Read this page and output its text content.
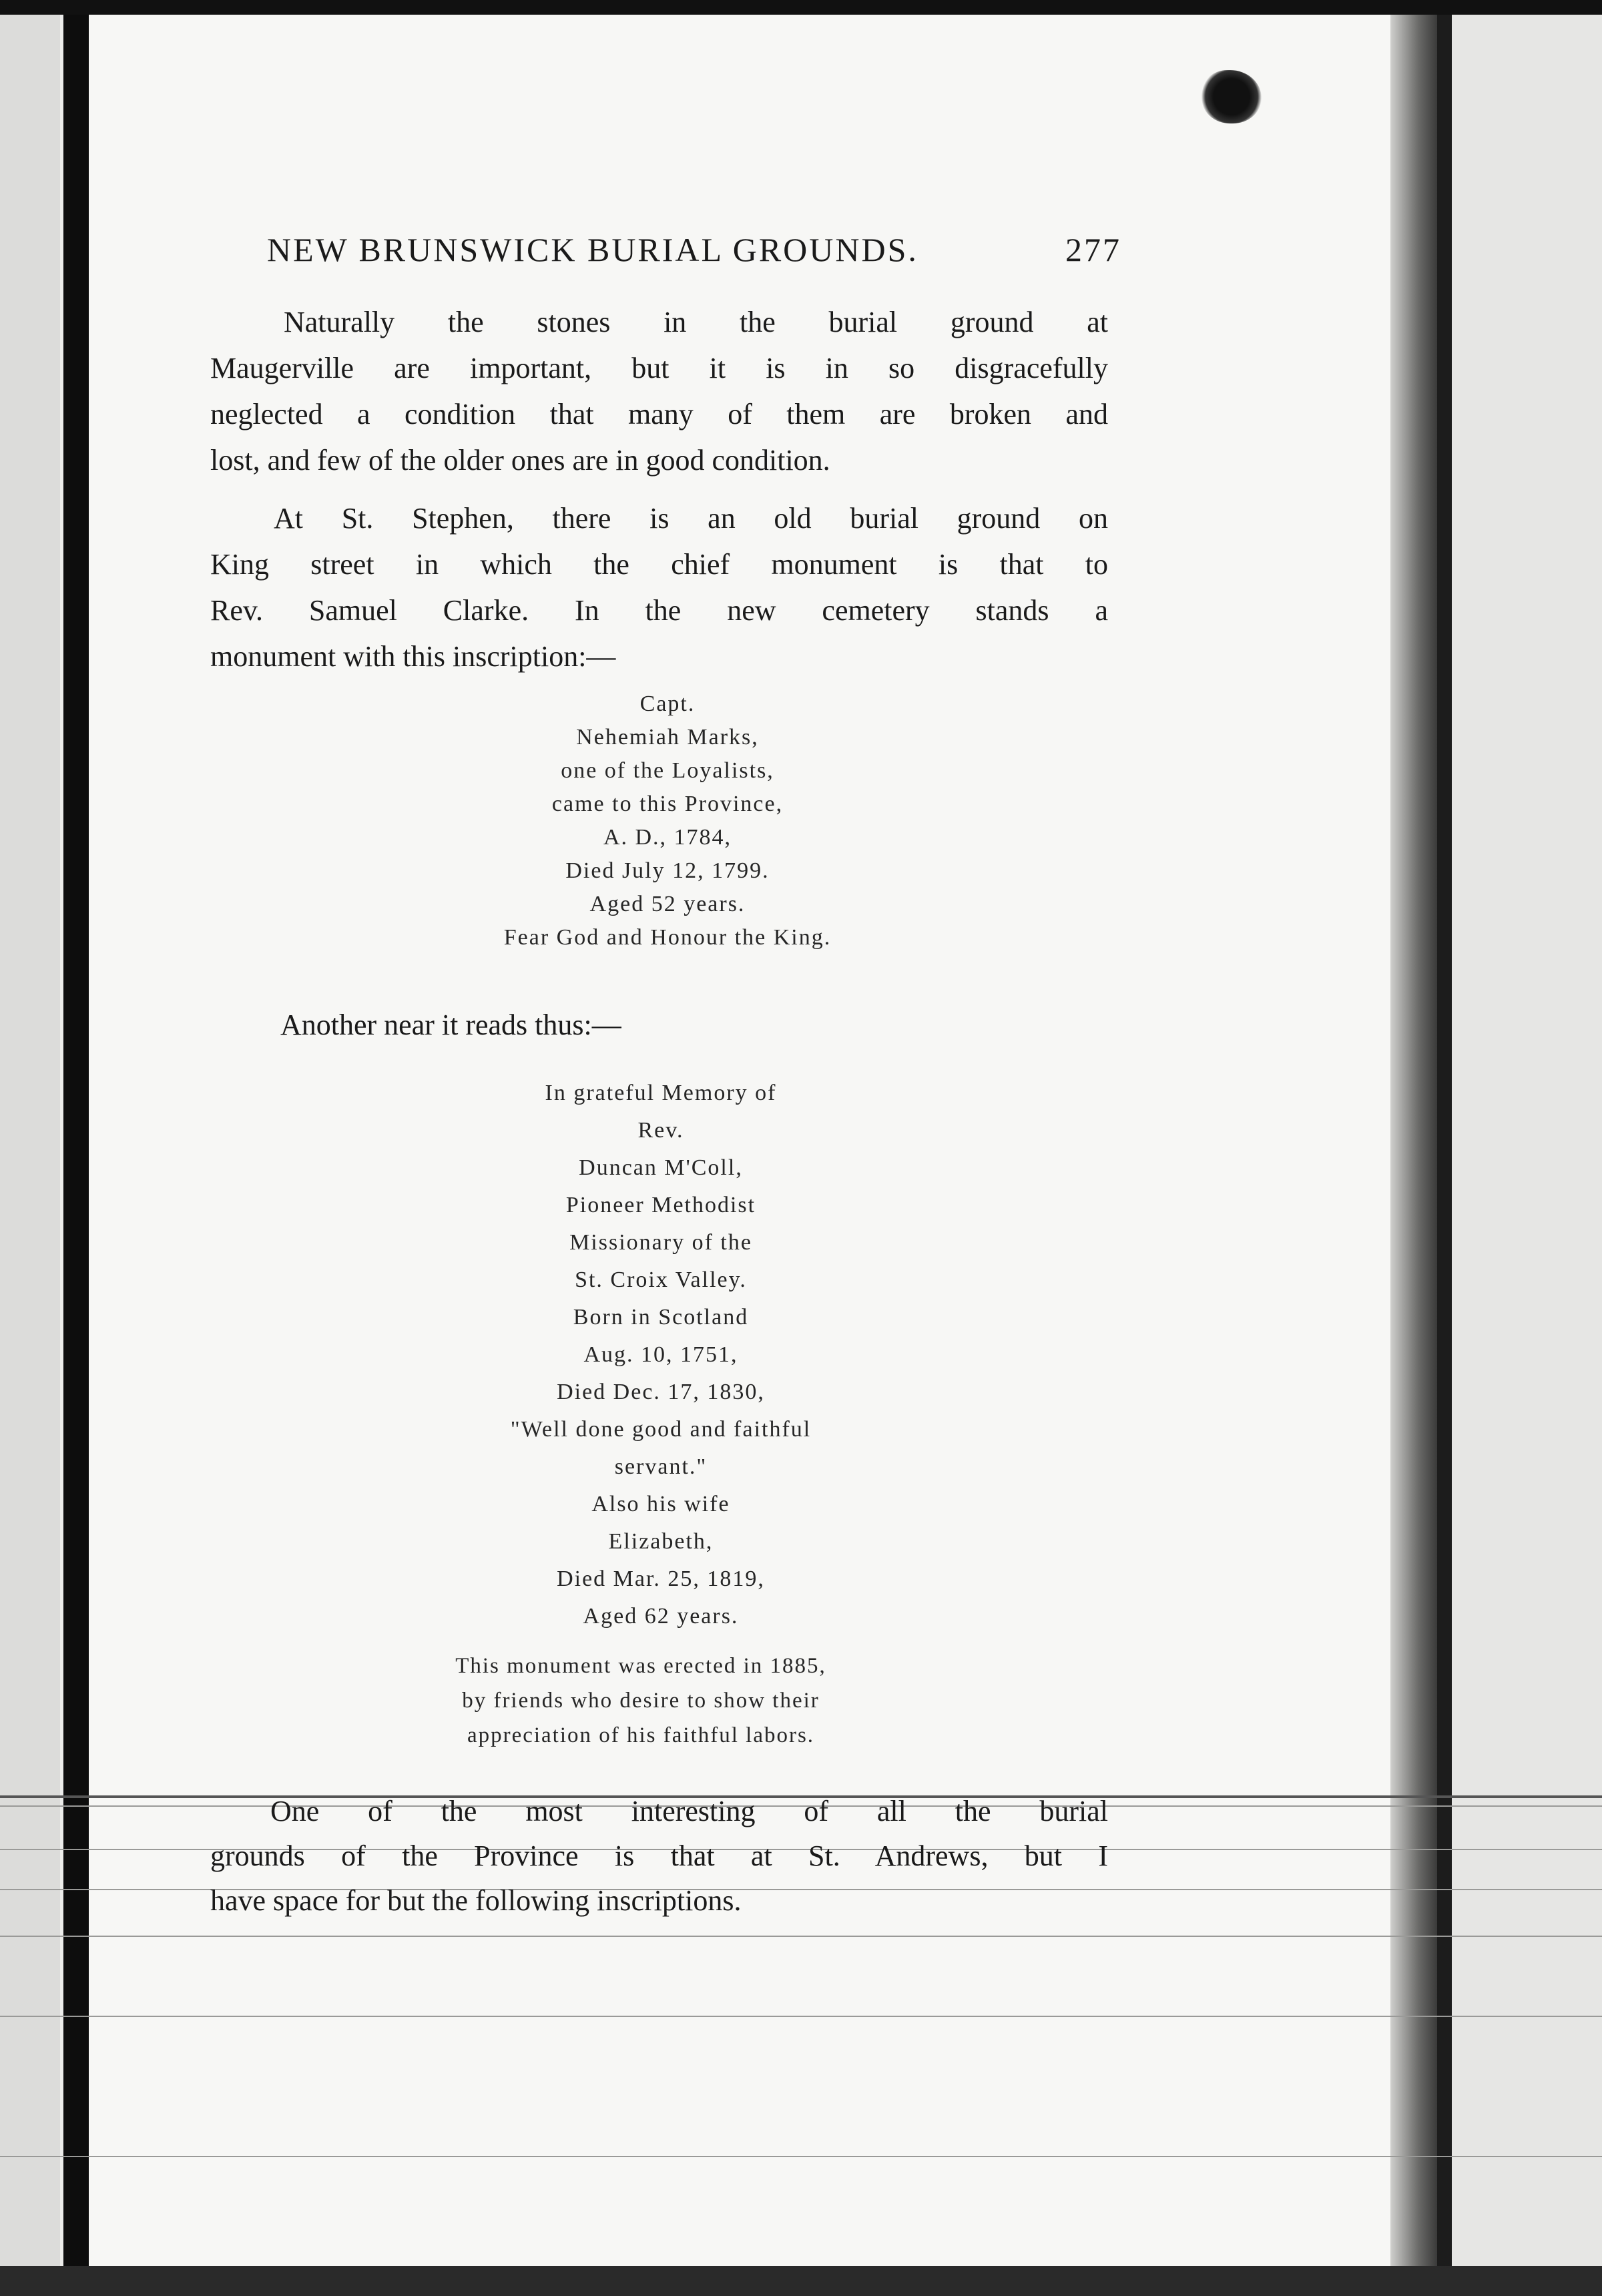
NEW BRUNSWICK BURIAL GROUNDS.	277
Naturally the stones in the burial ground at
Maugerville are important, but it is in so disgracefully
neglected a condition that many of them are broken and
lost, and few of the older ones are in good condition.
At St. Stephen, there is an old burial ground on
King street in which the chief monument is that to
Rev. Samuel Clarke. In the new cemetery stands a
monument with this inscription:—
Capt.
Nehemiah Marks,
one of the Loyalists,
came to this Province,
A. D., 1784,
Died July 12, 1799.
Aged 52 years.
Fear God and Honour the King.
Another near it reads thus:—
In grateful Memory of
Rev.
Duncan M'Coll,
Pioneer Methodist
Missionary of the
St. Croix Valley.
Born in Scotland
Aug. 10, 1751,
Died Dec. 17, 1830,
"Well done good and faithful
servant."
Also his wife
Elizabeth,
Died Mar. 25, 1819,
Aged 62 years.
This monument was erected in 1885,
by friends who desire to show their
appreciation of his faithful labors.
One of the most interesting of all the burial
grounds of the Province is that at St. Andrews, but I
have space for but the following inscriptions.
